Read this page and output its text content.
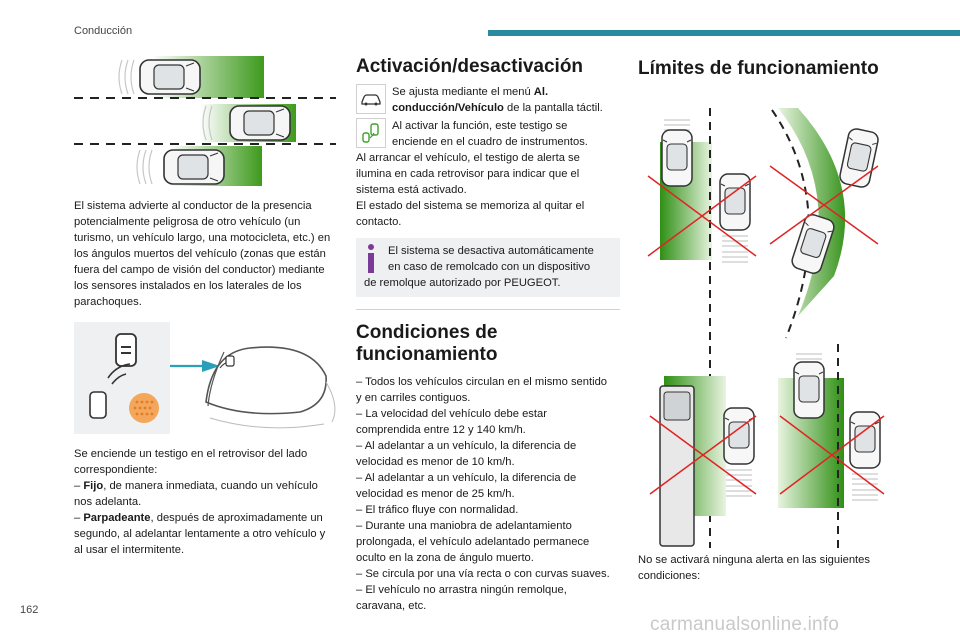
Conducción

El sistema advierte al conductor de la presencia

potencialmente peligrosa de otro vehículo (un

turismo, un vehículo largo, una motocicleta, etc.) en

los ángulos muertos del vehículo (zonas que están

fuera del campo de visión del conductor) mediante

los sensores instalados en los laterales de los

parachoques.

Se enciende un testigo en el retrovisor del lado

correspondiente:

– Fijo, de manera inmediata, cuando un vehículo

nos adelanta.

– Parpadeante, después de aproximadamente un

segundo, al adelantar lentamente a otro vehículo y

al usar el intermitente.

Activación/desactivación

Se ajusta mediante el menú Al.

conducción/Vehículo de la pantalla táctil.

Al activar la función, este testigo se

enciende en el cuadro de instrumentos.

Al arrancar el vehículo, el testigo de alerta se

ilumina en cada retrovisor para indicar que el

sistema está activado.

El estado del sistema se memoriza al quitar el

contacto.

El sistema se desactiva automáticamente

en caso de remolcado con un dispositivo

de remolque autorizado por PEUGEOT.

Condiciones de
funcionamiento

– Todos los vehículos circulan en el mismo sentido

y en carriles contiguos.

– La velocidad del vehículo debe estar

comprendida entre 12 y 140 km/h.

– Al adelantar a un vehículo, la diferencia de

velocidad es menor de 10 km/h.

– Al adelantar a un vehículo, la diferencia de

velocidad es menor de 25 km/h.

– El tráfico fluye con normalidad.

– Durante una maniobra de adelantamiento

prolongada, el vehículo adelantado permanece

oculto en la zona de ángulo muerto.

– Se circula por una vía recta o con curvas suaves.

– El vehículo no arrastra ningún remolque,

caravana, etc.

Límites de funcionamiento

No se activará ninguna alerta en las siguientes

condiciones:

162
carmanualsonline.info
